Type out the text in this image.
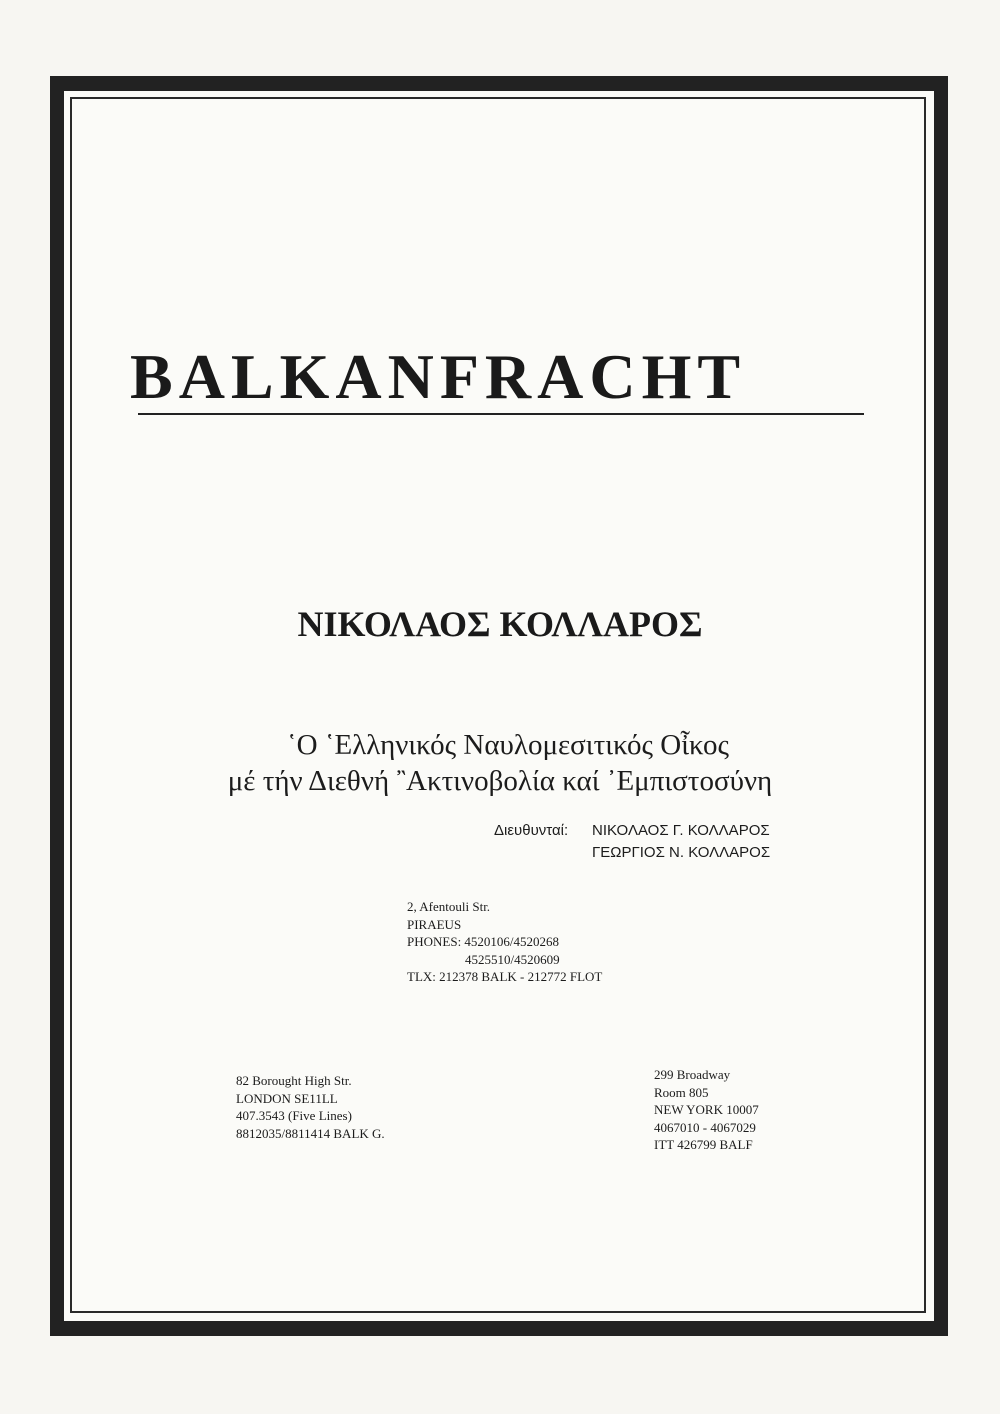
BALKANFRACHT
ΝΙΚΟΛΑΟΣ ΚΟΛΛΑΡΟΣ
῾Ο ῾Ελληνικός Ναυλομεσιτικός Οἶκος
μέ τήν Διεθνή ῍Ακτινοβολία καί ᾿Εμπιστοσύνη
Διευθυνταί: ΝΙΚΟΛΑΟΣ Γ. ΚΟΛΛΑΡΟΣ
ΓΕΩΡΓΙΟΣ Ν. ΚΟΛΛΑΡΟΣ
2, Afentouli Str.
PIRAEUS
PHONES: 4520106/4520268
4525510/4520609
TLX: 212378 BALK - 212772 FLOT
82 Borought High Str.
LONDON SE11LL
407.3543 (Five Lines)
8812035/8811414 BALK G.
299 Broadway
Room 805
NEW YORK 10007
4067010 - 4067029
ITT 426799 BALF
